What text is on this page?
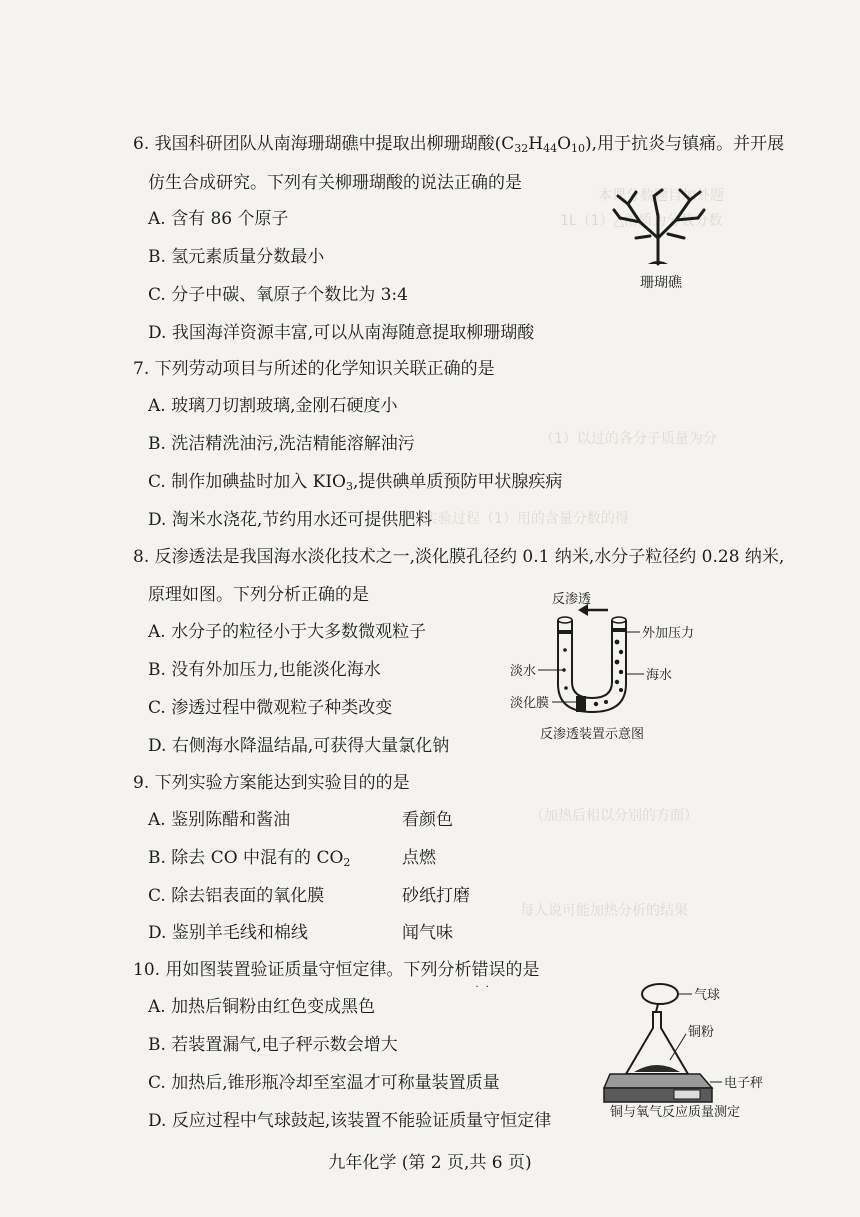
本课分数题目加外题
1L（1）△溶质为分数分数
（1）以过的各分子质量为分
一实验过程（1）用的含量分数的得
（加热后相以分别的方面）
每人说可能加热分析的结果
6. 我国科研团队从南海珊瑚礁中提取出柳珊瑚酸$(C_{32}H_{44}O_{10})$,用于抗炎与镇痛。并开展
仿生合成研究。下列有关柳珊瑚酸的说法正确的是
A. 含有 86 个原子
B. 氢元素质量分数最小
C. 分子中碳、氧原子个数比为 3:4
D. 我国海洋资源丰富,可以从南海随意提取柳珊瑚酸
珊瑚礁
7. 下列劳动项目与所述的化学知识关联正确的是
A. 玻璃刀切割玻璃,金刚石硬度小
B. 洗洁精洗油污,洗洁精能溶解油污
C. 制作加碘盐时加入 $KIO_3$,提供碘单质预防甲状腺疾病
D. 淘米水浇花,节约用水还可提供肥料
8. 反渗透法是我国海水淡化技术之一,淡化膜孔径约 0.1 纳米,水分子粒径约 0.28 纳米,
原理如图。下列分析正确的是
A. 水分子的粒径小于大多数微观粒子
B. 没有外加压力,也能淡化海水
C. 渗透过程中微观粒子种类改变
D. 右侧海水降温结晶,可获得大量氯化钠
反渗透
外加压力
淡水	海水
淡化膜
反渗透装置示意图
9. 下列实验方案能达到实验目的的是
A. 鉴别陈醋和酱油	看颜色
B. 除去 CO 中混有的 $CO_2$	点燃
C. 除去铝表面的氧化膜	砂纸打磨
D. 鉴别羊毛线和棉线	闻气味
10. 用如图装置验证质量守恒定律。下列分析错误 · ·的是
A. 加热后铜粉由红色变成黑色
B. 若装置漏气,电子秤示数会增大
C. 加热后,锥形瓶冷却至室温才可称量装置质量
D. 反应过程中气球鼓起,该装置不能验证质量守恒定律
气球
铜粉
电子秤
铜与氧气反应质量测定
九年化学 (第 2 页,共 6 页)
